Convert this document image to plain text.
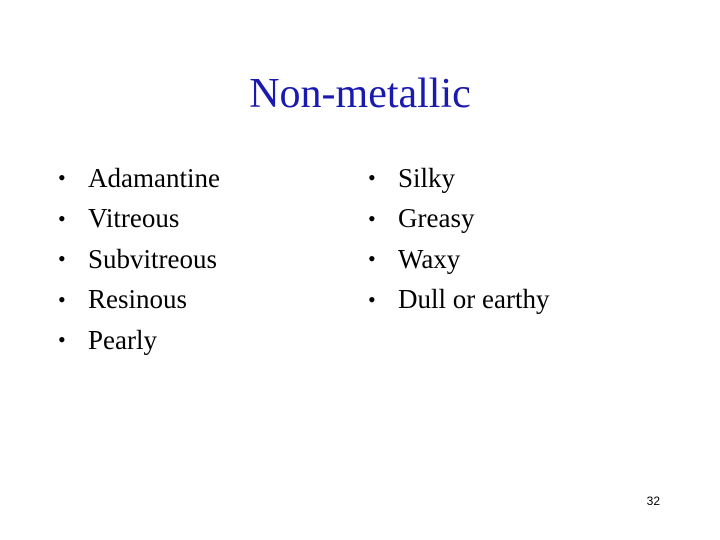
Non-metallic
• Adamantine
• Vitreous
• Subvitreous
• Resinous
• Pearly
• Silky
• Greasy
• Waxy
• Dull or earthy
32
